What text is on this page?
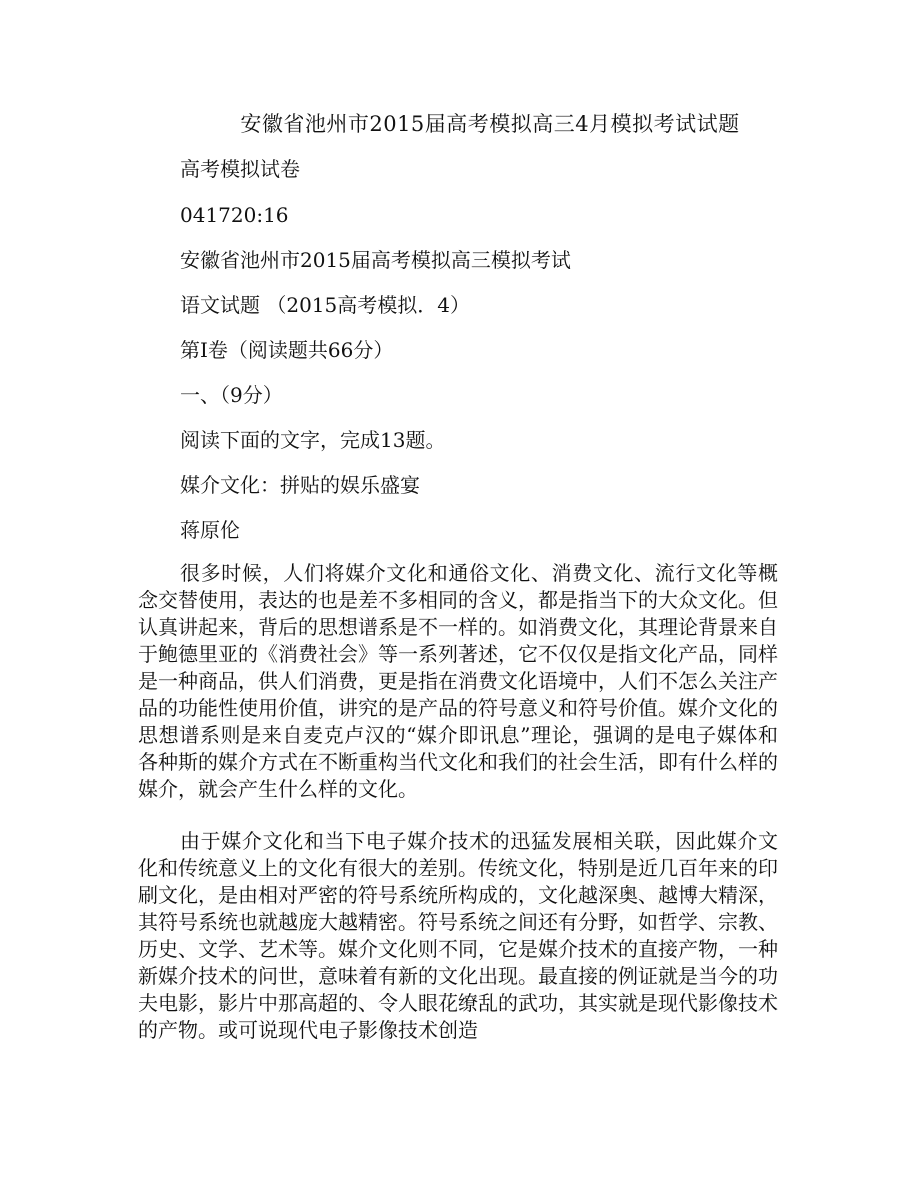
安徽省池州市2015届高考模拟高三4月模拟考试试题
高考模拟试卷
041720:16
安徽省池州市2015届高考模拟高三模拟考试
语文试题 （2015高考模拟．4）
第Ⅰ卷（阅读题共66分）
一、（9分）
阅读下面的文字，完成13题。
媒介文化：拼贴的娱乐盛宴
蒋原伦
很多时候，人们将媒介文化和通俗文化、消费文化、流行文化等概念交替使用，表达的也是差不多相同的含义，都是指当下的大众文化。但认真讲起来，背后的思想谱系是不一样的。如消费文化，其理论背景来自于鲍德里亚的《消费社会》等一系列著述，它不仅仅是指文化产品，同样是一种商品，供人们消费，更是指在消费文化语境中，人们不怎么关注产品的功能性使用价值，讲究的是产品的符号意义和符号价值。媒介文化的思想谱系则是来自麦克卢汉的“媒介即讯息”理论，强调的是电子媒体和各种斯的媒介方式在不断重构当代文化和我们的社会生活，即有什么样的媒介，就会产生什么样的文化。
由于媒介文化和当下电子媒介技术的迅猛发展相关联，因此媒介文化和传统意义上的文化有很大的差别。传统文化，特别是近几百年来的印刷文化，是由相对严密的符号系统所构成的，文化越深奥、越博大精深，其符号系统也就越庞大越精密。符号系统之间还有分野，如哲学、宗教、历史、文学、艺术等。媒介文化则不同，它是媒介技术的直接产物，一种新媒介技术的问世，意味着有新的文化出现。最直接的例证就是当今的功夫电影，影片中那高超的、令人眼花缭乱的武功，其实就是现代影像技术的产物。或可说现代电子影像技术创造
